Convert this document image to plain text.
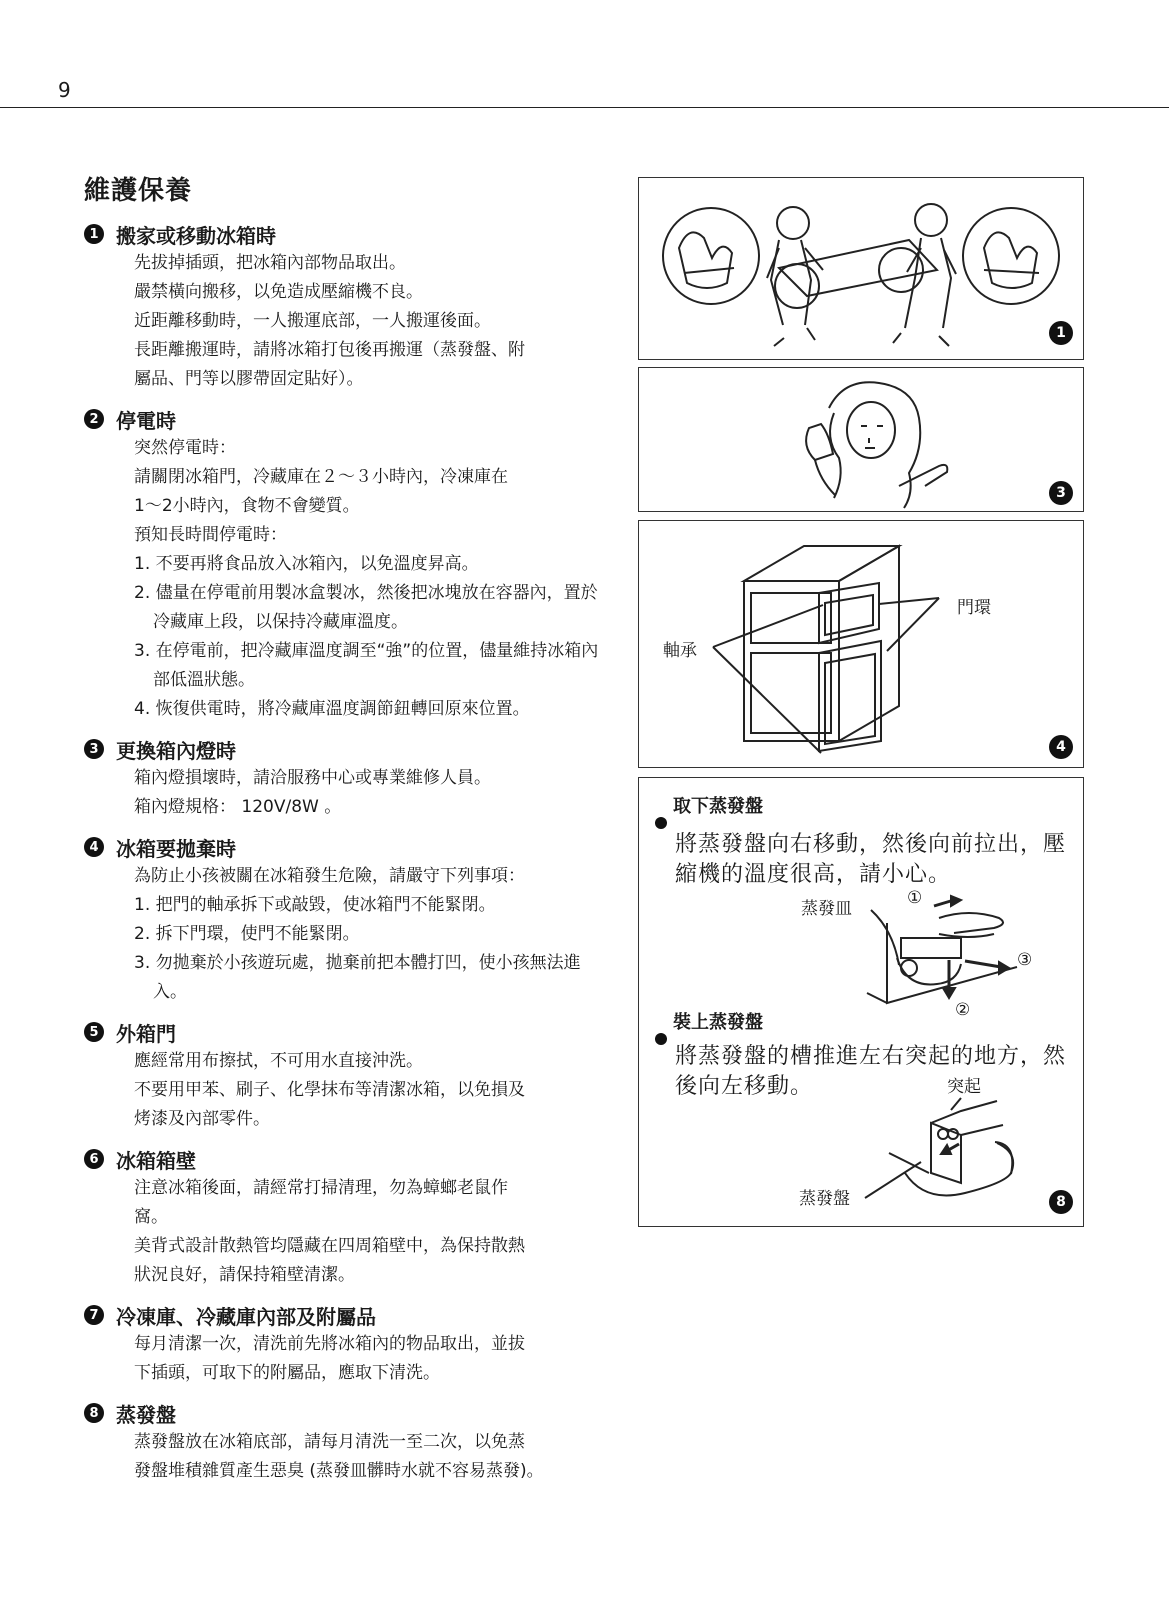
9
維護保養
1 搬家或移動冰箱時

先拔掉插頭，把冰箱內部物品取出。

嚴禁橫向搬移，以免造成壓縮機不良。

近距離移動時，一人搬運底部，一人搬運後面。

長距離搬運時，請將冰箱打包後再搬運（蒸發盤、附

屬品、門等以膠帶固定貼好）。

2 停電時

突然停電時：

請關閉冰箱門，冷藏庫在２～３小時內，冷凍庫在

1～2小時內，食物不會變質。

預知長時間停電時：

1. 不要再將食品放入冰箱內，以免溫度昇高。

2. 儘量在停電前用製冰盒製冰，然後把冰塊放在容器內，置於冷藏庫上段，以保持冷藏庫溫度。

3. 在停電前，把冷藏庫溫度調至“強”的位置，儘量維持冰箱內部低溫狀態。

4. 恢復供電時，將冷藏庫溫度調節鈕轉回原來位置。

3 更換箱內燈時

箱內燈損壞時，請洽服務中心或專業維修人員。

箱內燈規格： 120V/8W 。

4 冰箱要拋棄時

為防止小孩被關在冰箱發生危險，請嚴守下列事項：

1. 把門的軸承拆下或敲毀，使冰箱門不能緊閉。

2. 拆下門環，使門不能緊閉。

3. 勿拋棄於小孩遊玩處，拋棄前把本體打凹，使小孩無法進入。

5 外箱門

應經常用布擦拭，不可用水直接沖洗。

不要用甲苯、刷子、化學抹布等清潔冰箱，以免損及

烤漆及內部零件。

6 冰箱箱壁

注意冰箱後面，請經常打掃清理，勿為蟑螂老鼠作

窩。

美背式設計散熱管均隱藏在四周箱壁中，為保持散熱

狀況良好，請保持箱壁清潔。

7 冷凍庫、冷藏庫內部及附屬品

每月清潔一次，清洗前先將冰箱內的物品取出，並拔

下插頭，可取下的附屬品，應取下清洗。

8 蒸發盤

蒸發盤放在冰箱底部，請每月清洗一至二次，以免蒸

發盤堆積雜質產生惡臭 (蒸發皿髒時水就不容易蒸發)。

1
3
門環
軸承
4
取下蒸發盤
將蒸發盤向右移動，然後向前拉出，壓
縮機的溫度很高，請小心。
蒸發皿
①
③
②
裝上蒸發盤
將蒸發盤的槽推進左右突起的地方，然
後向左移動。	突起
蒸發盤	8
